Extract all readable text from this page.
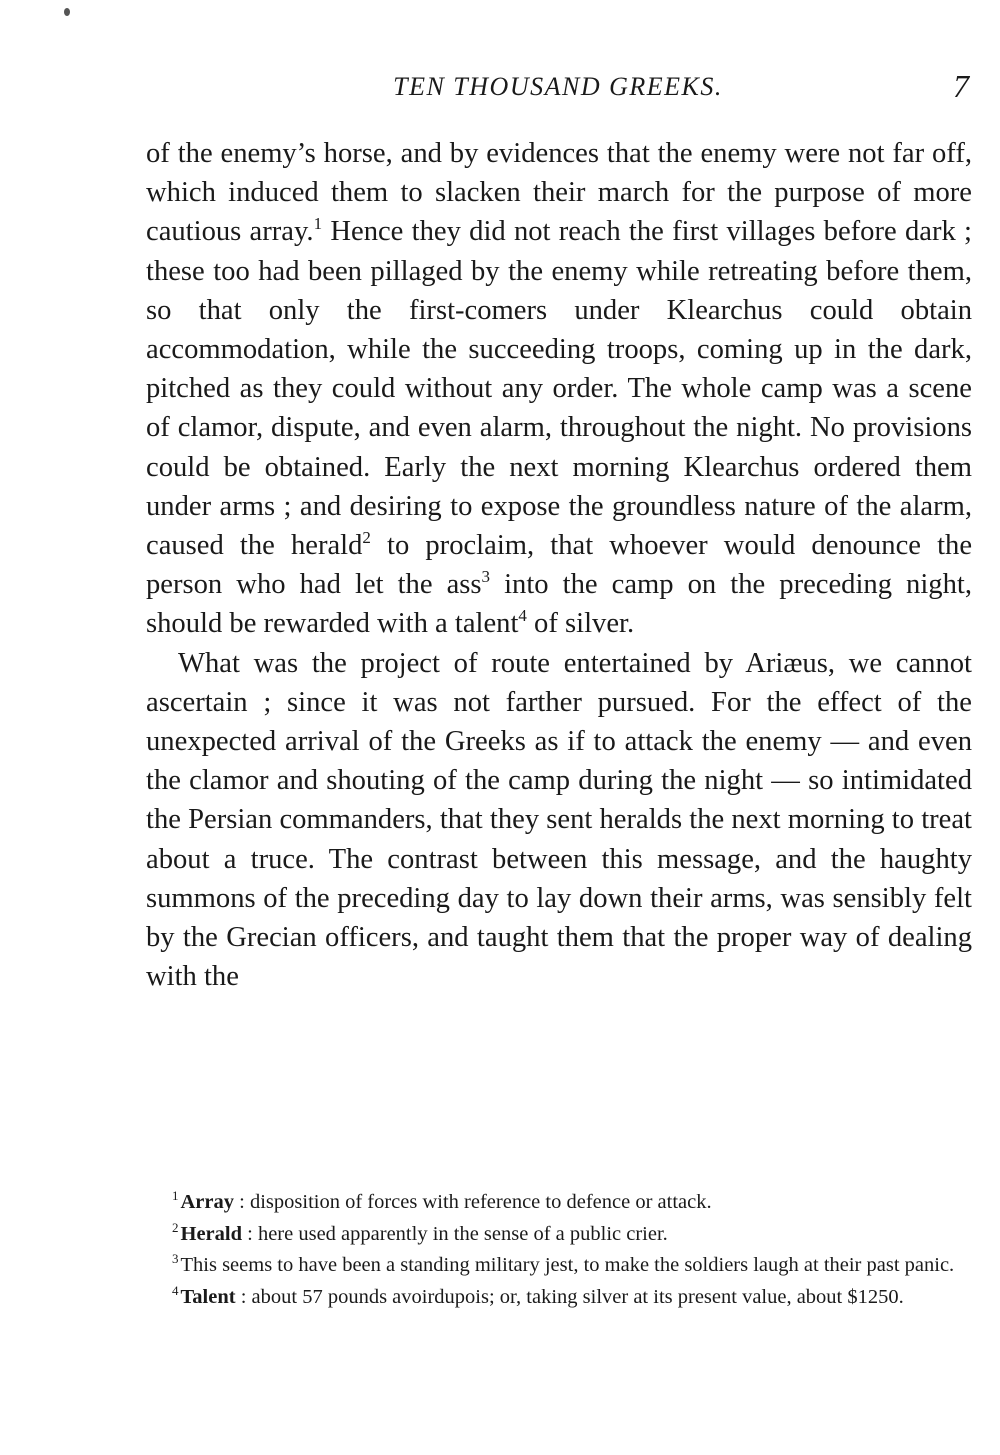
TEN THOUSAND GREEKS.	7

of the enemy’s horse, and by evidences that the enemy were not far off, which induced them to slacken their march for the purpose of more cautious array.$^1$ Hence they did not reach the first villages before dark ; these too had been pillaged by the enemy while retreating before them, so that only the first-comers under Klearchus could obtain accommodation, while the succeeding troops, coming up in the dark, pitched as they could without any order. The whole camp was a scene of clamor, dispute, and even alarm, throughout the night. No provisions could be obtained. Early the next morning Klearchus ordered them under arms ; and desiring to expose the groundless nature of the alarm, caused the herald$^2$ to proclaim, that whoever would denounce the person who had let the ass$^3$ into the camp on the preceding night, should be rewarded with a talent$^4$ of silver.

What was the project of route entertained by Ariæus, we cannot ascertain ; since it was not farther pursued. For the effect of the unexpected arrival of the Greeks as if to attack the enemy — and even the clamor and shouting of the camp during the night — so intimidated the Persian commanders, that they sent heralds the next morning to treat about a truce. The contrast between this message, and the haughty summons of the preceding day to lay down their arms, was sensibly felt by the Grecian officers, and taught them that the proper way of dealing with the

$^1$Array : disposition of forces with reference to defence or attack.

$^2$Herald : here used apparently in the sense of a public crier.

$^3$This seems to have been a standing military jest, to make the soldiers laugh at their past panic.

$^4$Talent : about 57 pounds avoirdupois; or, taking silver at its present value, about $1250.
